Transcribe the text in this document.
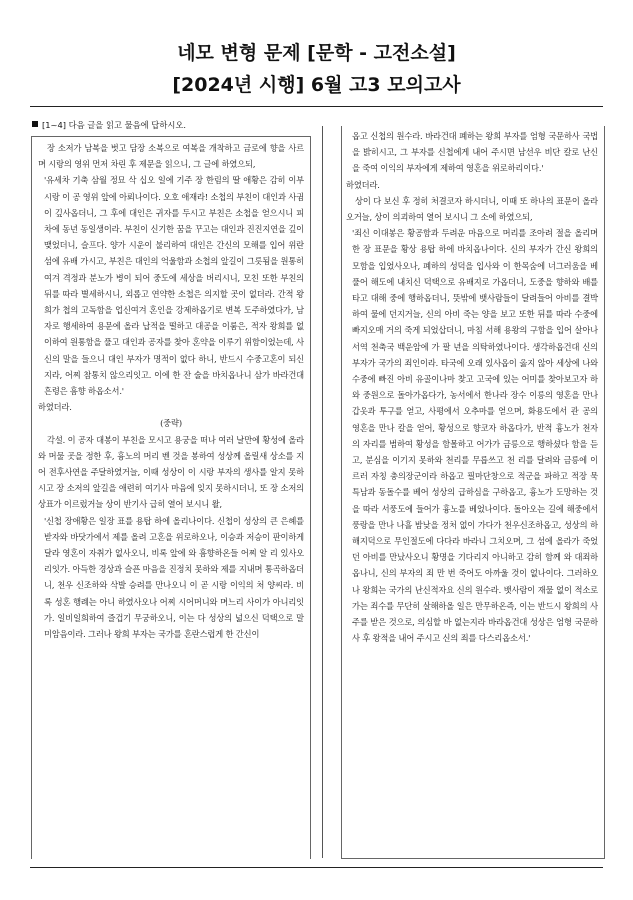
네모 변형 문제 [문학 - 고전소설]
[2024년 시행] 6월 고3 모의고사
[1~4] 다음 글을 읽고 물음에 답하시오.

장 소저가 남복을 벗고 담장 소복으로 여복을 개착하고 금로에 향을 사르며 시랑의 영위 먼저 차린 후 제문을 읽으니, 그 글에 하였으되,

'유세차 기축 삼월 정묘 삭 십오 일에 기주 장 한림의 딸 애황은 감히 이부 시랑 이 공 영위 앞에 아뢰나이다. 오호 애재라! 소첩의 부친이 대인과 사귐이 깊사옵더니, 그 후에 대인은 귀자를 두시고 부친은 소첩을 얻으시니 피차에 동년 동일생이라. 부친이 신기한 꿈을 꾸고는 대인과 진진지연을 깊이 맺었더니, 슬프다. 양가 시운이 불리하여 대인은 간신의 모해를 입어 위란섬에 유배 가시고, 부친은 대인의 억울함과 소첩의 앞길이 그릇됨을 원통히 여겨 격정과 분노가 병이 되어 중도에 세상을 버리시니, 모친 또한 부친의 뒤를 따라 별세하시니, 외롭고 연약한 소첩은 의지할 곳이 없더라. 간적 왕희가 첩의 고독함을 업신여겨 혼인을 강제하옵기로 변복 도주하였다가, 남자로 행세하여 용문에 올라 납적을 떨하고 대공을 이룸은, 적자 왕희를 없이하여 원통함을 풀고 대인과 공자를 찾아 혼약을 이루기 위함이었는데, 사신의 말을 들으니 대인 부자가 명적이 없다 하니, 반드시 수중고혼이 되신지라, 어찌 참통치 않으리잇고. 이에 한 잔 술을 바치옵나니 삼가 바라건대 흔령은 흠향 하옵소서.'

하였더라.

(중략)

각설. 이 공자 대봉이 부친을 모시고 용궁을 떠나 여러 날만에 황성에 올라와 머물 곳을 정한 후, 흉노의 머리 벤 것을 봉하여 성상께 올릴새 상소를 지어 전후사연을 주달하였거늘, 이때 성상이 이 시랑 부자의 생사를 알지 못하시고 장 소저의 앞길을 애련히 여기사 마음에 잊지 못하시더니, 또 장 소저의 상표가 이르렀거늘 상이 반기사 급히 열어 보시니 왈,

'신첩 장애황은 일장 표를 용탑 하에 올리나이다. 신첩이 성상의 큰 은혜를 받자와 바닷가에서 제를 올려 고혼을 위로하오나, 이승과 저승이 판이하게 달라 영혼이 자취가 없사오니, 비록 앞에 와 흠향하온들 어찌 알 리 있사오리잇가. 아득한 경상과 슬픈 마음을 진정치 못하와 제를 지내며 통곡하옵더니, 천우 신조하와 삭발 승려를 만나오니 이 곧 시랑 이익의 처 양씨라. 비록 성혼 행례는 아니 하였사오나 어찌 시어머니와 며느리 사이가 아니리잇가. 일비일희하여 즐겁기 무궁하오니, 이는 다 성상의 넓으신 덕택으로 말미암음이라. 그러나 왕희 부자는 국가를 혼란스럽게 한 간신이

옵고 신첩의 원수라. 바라건대 폐하는 왕희 부자를 엄형 국문하사 국법을 밝히시고, 그 부자를 신첩에게 내어 주시면 남선우 비단 칼로 난신을 죽여 이익의 부자에게 제하여 영혼을 위로하리이다.'

하였더라.

상이 다 보신 후 정히 처결코자 하시더니, 이때 또 하나의 표문이 올라오거늘, 상이 의괴하여 열어 보시니 그 소에 하였으되,

'죄신 이대봉은 황공함과 두려운 마음으로 머리를 조아려 절을 올리며 한 장 표문을 황상 용탑 하에 바치옵나이다. 신의 부자가 간신 왕희의 모함을 입었사오나, 폐하의 성덕을 입사와 이 한목숨에 너그러움을 베풀어 해도에 내치신 덕택으로 유배지로 가옵더니, 도중을 향하와 배를 타고 대해 중에 행하옵더니, 뜻밖에 뱃사람들이 달려들어 아비를 결박하여 물에 던지거늘, 신의 아비 죽는 양을 보고 또한 뒤를 따라 수중에 빠지오매 거의 죽게 되었삽더니, 마침 서해 용왕의 구함을 입어 살아나 서역 천축국 백운암에 가 팔 년을 의탁하였나이다. 생각하옵건대 신의 부자가 국가의 죄인이라. 타국에 오래 있사옵이 옳지 않아 세상에 나와 수중에 빠진 아비 유골이나마 찾고 고국에 있는 어미를 찾아보고자 하와 중원으로 돌아가옵다가, 농서에서 한나라 장수 이릉의 영혼을 만나 갑옷과 투구를 얻고, 사평에서 오추마를 얻으며, 화용도에서 관 공의 영혼을 만나 칼을 얻어, 황성으로 향코자 하옵다가, 반적 흉노가 천자의 자리를 범하여 황성을 함몰하고 어가가 금릉으로 행하셨다 함을 듣고, 분심을 이기지 못하와 천리를 무릅쓰고 천 리를 달려와 금릉에 이르러 자칭 충의장군이라 하옵고 필마단창으로 적군을 파하고 적장 묵특남과 동돌수를 베어 성상의 급하심을 구하옵고, 흉노가 도망하는 것을 따라 서풍도에 들어가 흉노를 베었나이다. 돌아오는 길에 해중에서 풍랑을 만나 나흘 밤낮을 정처 없이 가다가 천우신조하옵고, 성상의 하해지덕으로 무인절도에 다다라 바라니 그치오며, 그 섬에 올라가 죽었던 아비를 만났사오니 황명을 기다리지 아니하고 감히 함께 와 대죄하옵나니, 신의 부자의 죄 만 번 죽어도 아까울 것이 없나이다. 그러하오나 왕희는 국가의 난신적자요 신의 원수라. 뱃사람이 재물 없이 적소로 가는 죄수를 무단히 살해하올 일은 만무하온즉, 이는 반드시 왕희의 사주를 받은 것으로, 의심할 바 없는지라 바라옵건대 성상은 엄형 국문하사 후 왕적을 내어 주시고 신의 죄를 다스리옵소서.'
